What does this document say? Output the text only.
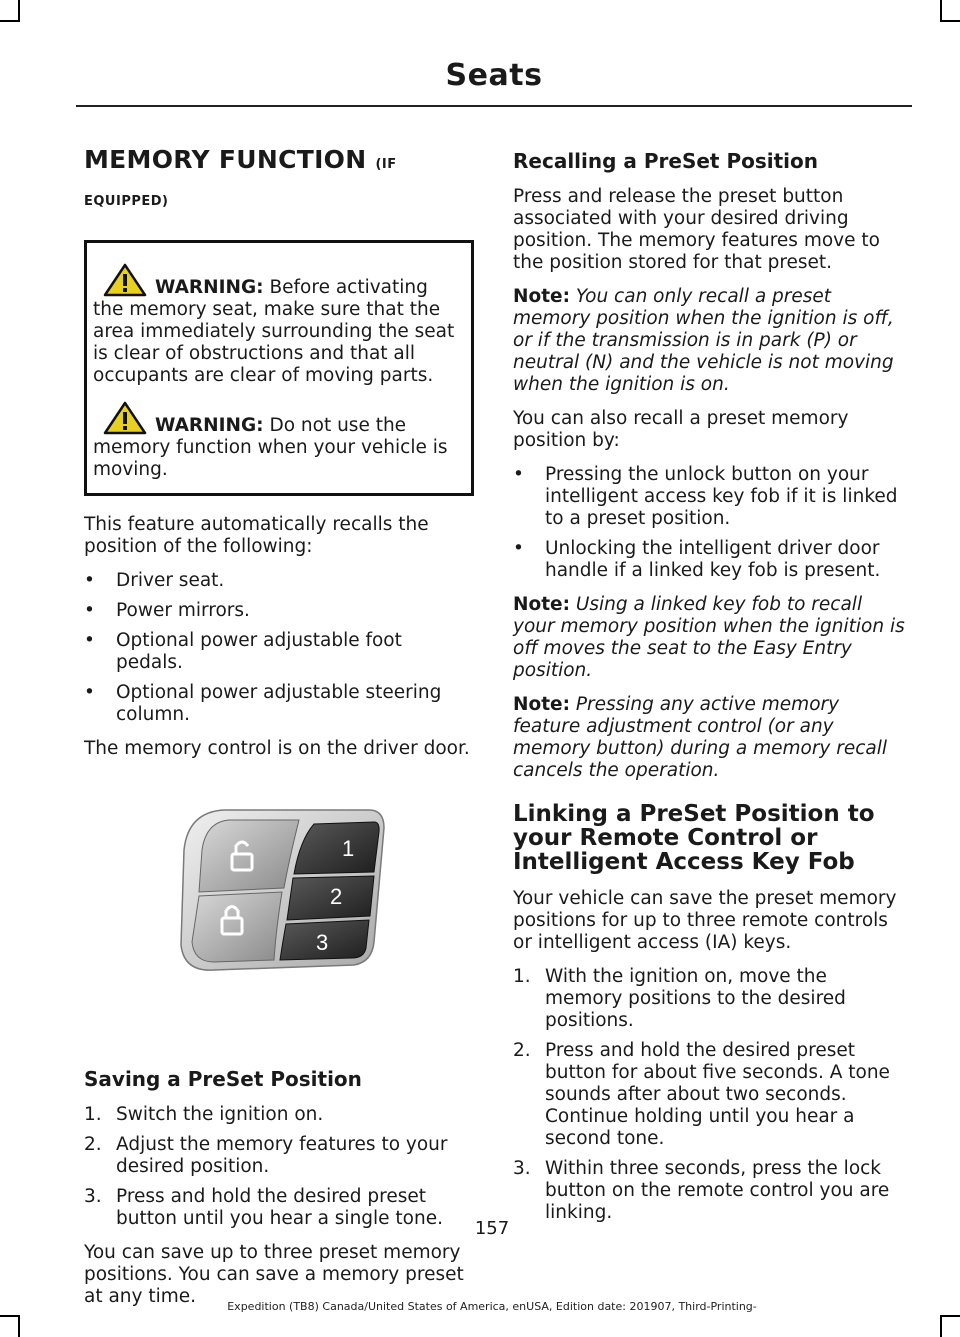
Seats
MEMORY FUNCTION (IF EQUIPPED)
WARNING: Before activating the memory seat, make sure that the area immediately surrounding the seat is clear of obstructions and that all occupants are clear of moving parts.
WARNING: Do not use the memory function when your vehicle is moving.

This feature automatically recalls the position of the following:

• Driver seat.
• Power mirrors.
• Optional power adjustable foot pedals.
• Optional power adjustable steering column.

The memory control is on the driver door.

1
2
3
Saving a PreSet Position
1. Switch the ignition on.
2. Adjust the memory features to your desired position.
3. Press and hold the desired preset button until you hear a single tone.

You can save up to three preset memory positions. You can save a memory preset at any time.

Recalling a PreSet Position

Press and release the preset button associated with your desired driving position. The memory features move to the position stored for that preset.

Note: You can only recall a preset memory position when the ignition is off, or if the transmission is in park (P) or neutral (N) and the vehicle is not moving when the ignition is on.

You can also recall a preset memory position by:

• Pressing the unlock button on your intelligent access key fob if it is linked to a preset position.
• Unlocking the intelligent driver door handle if a linked key fob is present.

Note: Using a linked key fob to recall your memory position when the ignition is off moves the seat to the Easy Entry position.

Note: Pressing any active memory feature adjustment control (or any memory button) during a memory recall cancels the operation.

Linking a PreSet Position to your Remote Control or Intelligent Access Key Fob

Your vehicle can save the preset memory positions for up to three remote controls or intelligent access (IA) keys.

1. With the ignition on, move the memory positions to the desired positions.
2. Press and hold the desired preset button for about five seconds. A tone sounds after about two seconds. Continue holding until you hear a second tone.
3. Within three seconds, press the lock button on the remote control you are linking.
157
Expedition (TB8) Canada/United States of America, enUSA, Edition date: 201907, Third-Printing-
